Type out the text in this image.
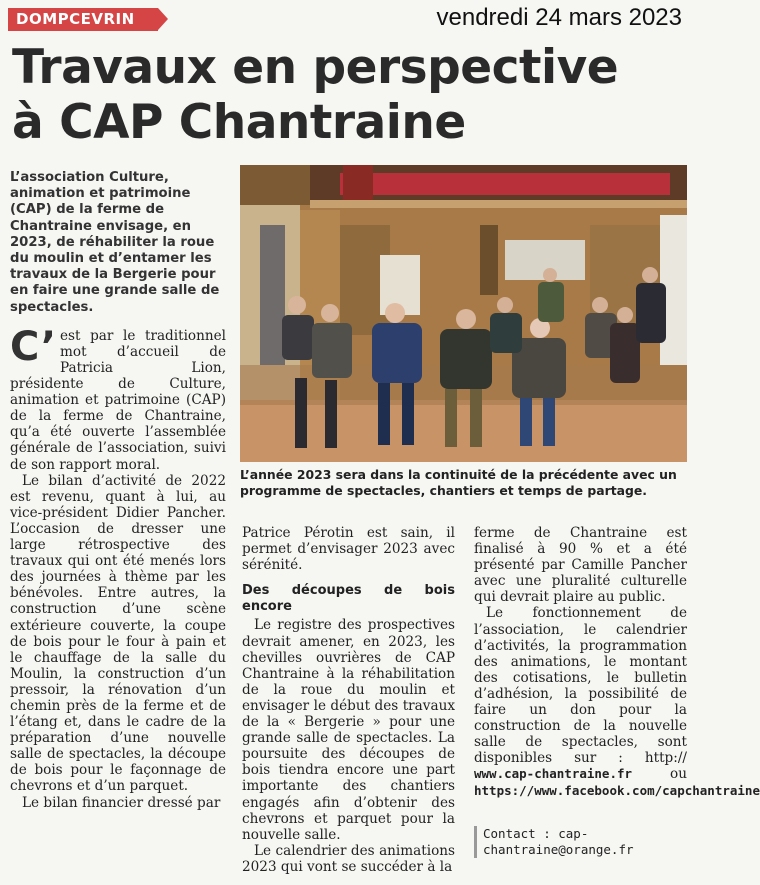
DOMPCEVRIN	vendredi 24 mars 2023
Travaux en perspective
à CAP Chantraine

L’association Culture, animation et patrimoine (CAP) de la ferme de Chantraine envisage, en 2023, de réhabiliter la roue du moulin et d’entamer les travaux de la Bergerie pour en faire une grande salle de spectacles.

C’ est par le traditionnel mot d’accueil de Patricia Lion, présidente de Culture, animation et patrimoine (CAP) de la ferme de Chantraine, qu’a été ouverte l’assemblée générale de l’association, suivi de son rapport moral.

Le bilan d’activité de 2022 est revenu, quant à lui, au vice-président Didier Pancher. L’occasion de dresser une large rétrospective des travaux qui ont été menés lors des journées à thème par les bénévoles. Entre autres, la construction d’une scène extérieure couverte, la coupe de bois pour le four à pain et le chauffage de la salle du Moulin, la construction d’un pressoir, la rénovation d’un chemin près de la ferme et de l’étang et, dans le cadre de la préparation d’une nouvelle salle de spectacles, la découpe de bois pour le façonnage de chevrons et d’un parquet.

Le bilan financier dressé par

L’année 2023 sera dans la continuité de la précédente avec un programme de spectacles, chantiers et temps de partage.

Patrice Pérotin est sain, il permet d’envisager 2023 avec sérénité.

Des découpes de bois encore

Le registre des prospectives devrait amener, en 2023, les chevilles ouvrières de CAP Chantraine à la réhabilitation de la roue du moulin et envisager le début des travaux de la « Bergerie » pour une grande salle de spectacles. La poursuite des découpes de bois tiendra encore une part importante des chantiers engagés afin d’obtenir des chevrons et parquet pour la nouvelle salle.

Le calendrier des animations 2023 qui vont se succéder à la

ferme de Chantraine est finalisé à 90 % et a été présenté par Camille Pancher avec une pluralité culturelle qui devrait plaire au public.

Le fonctionnement de l’association, le calendrier d’activités, la programmation des animations, le montant des cotisations, le bulletin d’adhésion, la possibilité de faire un don pour la construction de la nouvelle salle de spectacles, sont disponibles sur : http:// www.cap-chantraine.fr ou https://www.facebook.com/capchantraine

Contact : cap-chantraine@orange.fr
